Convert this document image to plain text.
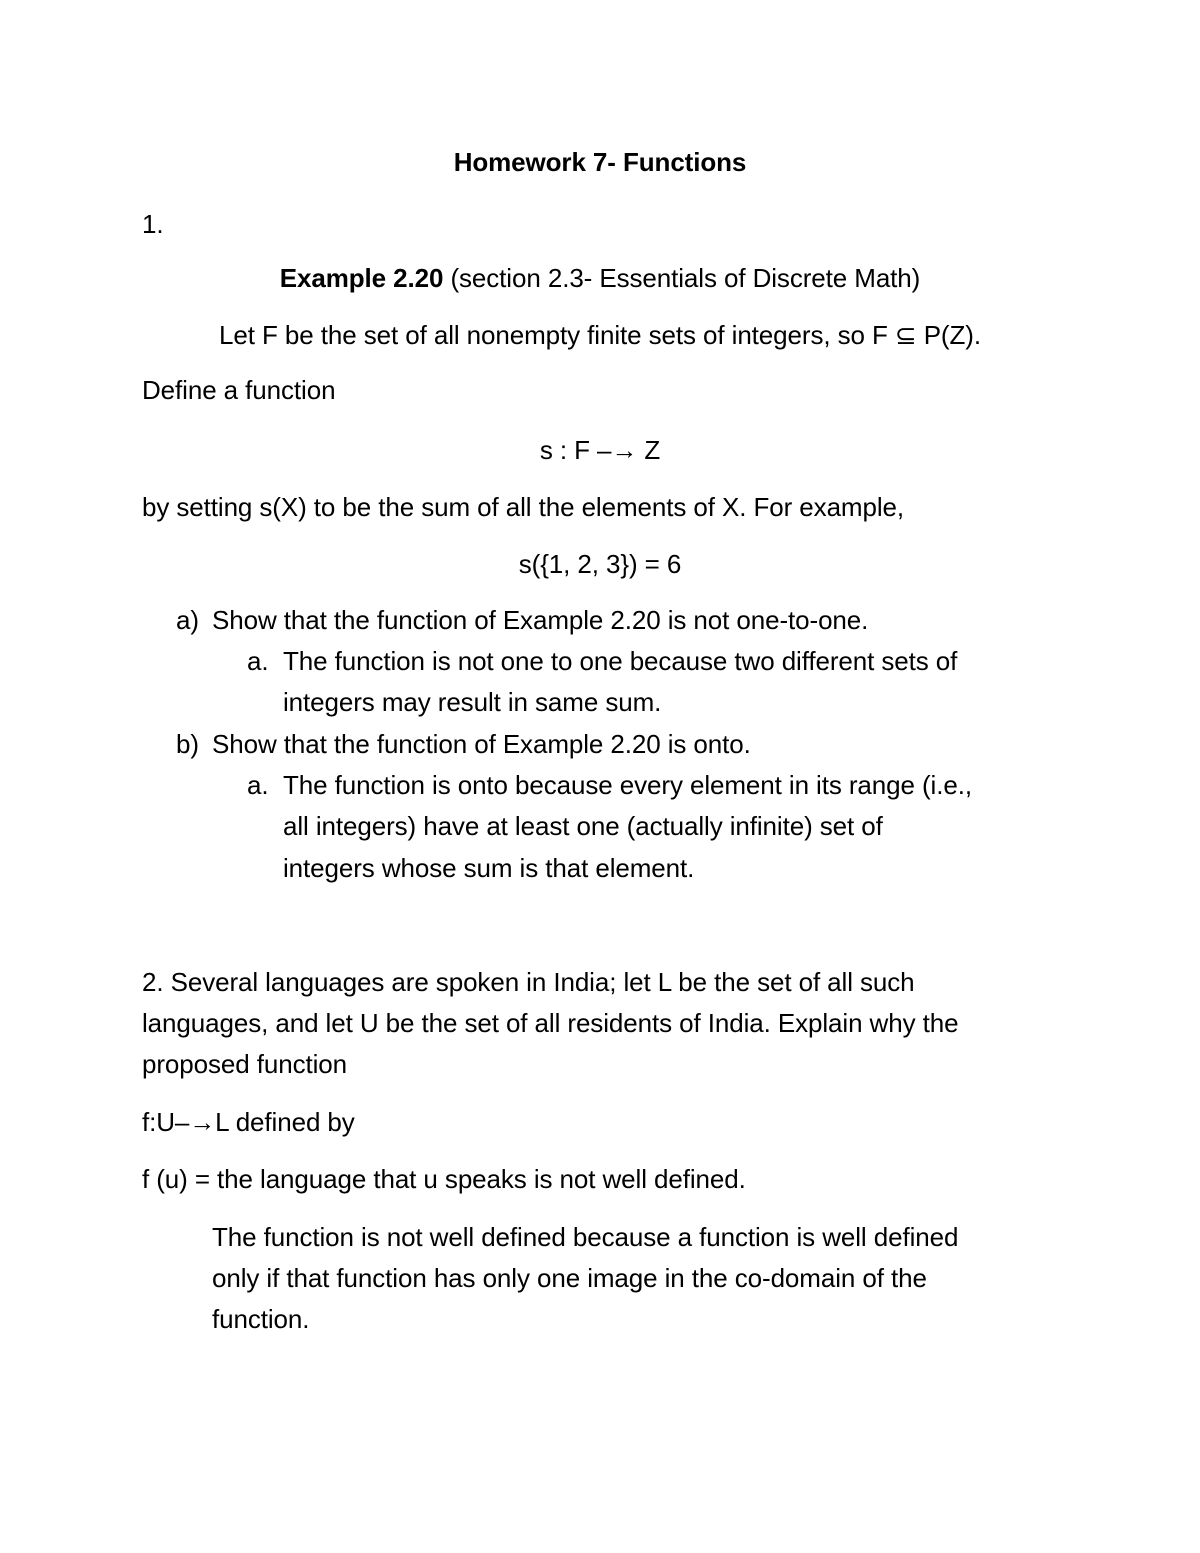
Homework 7- Functions
1.
Example 2.20 (section 2.3- Essentials of Discrete Math)
Let F be the set of all nonempty finite sets of integers, so F ⊆ P(Z).
Define a function
s : F –→ Z
by setting s(X) to be the sum of all the elements of X. For example,
s({1, 2, 3}) = 6
a) Show that the function of Example 2.20 is not one-to-one.
a. The function is not one to one because two different sets of
integers may result in same sum.
b) Show that the function of Example 2.20 is onto.
a. The function is onto because every element in its range (i.e.,
all integers) have at least one (actually infinite) set of
integers whose sum is that element.
2. Several languages are spoken in India; let L be the set of all such
languages, and let U be the set of all residents of India. Explain why the
proposed function
f:U–→L defined by
f (u) = the language that u speaks is not well defined.
The function is not well defined because a function is well defined
only if that function has only one image in the co-domain of the
function.
